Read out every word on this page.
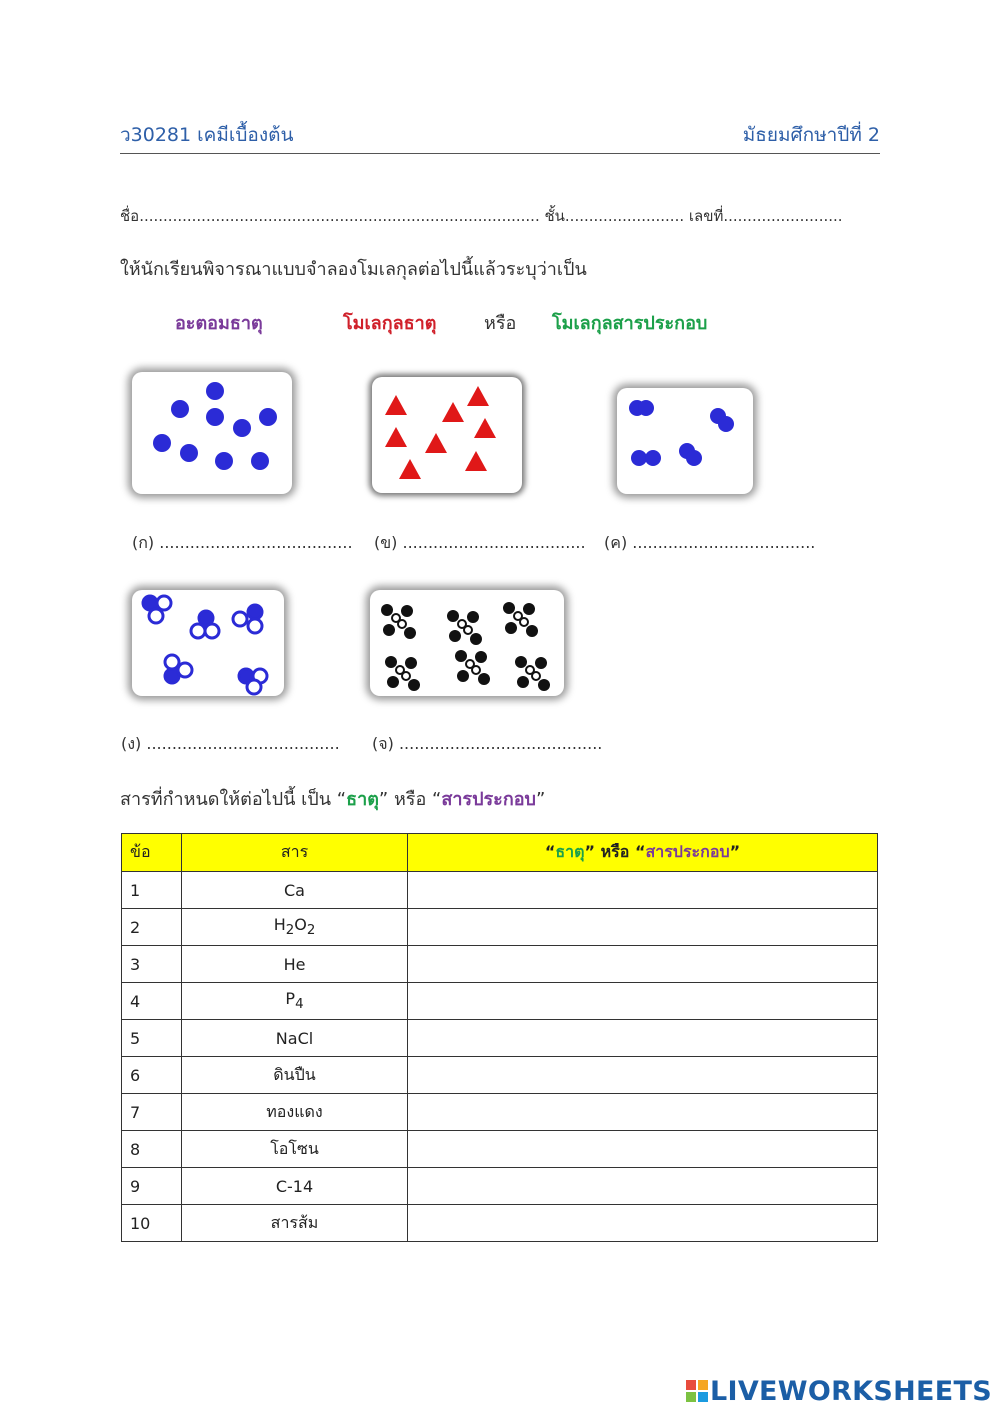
ว30281 เคมีเบื้องต้น	มัธยมศึกษาปีที่ 2
ชื่อ.................................................................................... ชั้น......................... เลขที่.........................
ให้นักเรียนพิจารณาแบบจำลองโมเลกุลต่อไปนี้แล้วระบุว่าเป็น
อะตอมธาตุ	โมเลกุลธาตุ	หรือ โมเลกุลสารประกอบ
(ก) ...................................... (ข) .................................... (ค) ....................................
(ง) ...................................... (จ) ........................................
สารที่กำหนดให้ต่อไปนี้ เป็น “ธาตุ” หรือ “สารประกอบ”
ข้อ	สาร	“ธาตุ” หรือ “สารประกอบ”
1	Ca	
2	$H_2O_2$	
3	He	
4	$P_4$	
5	NaCl	
6	ดินปืน	
7	ทองแดง	
8	โอโซน	
9	C-14	
10	สารส้ม	
LIVEWORKSHEETS
